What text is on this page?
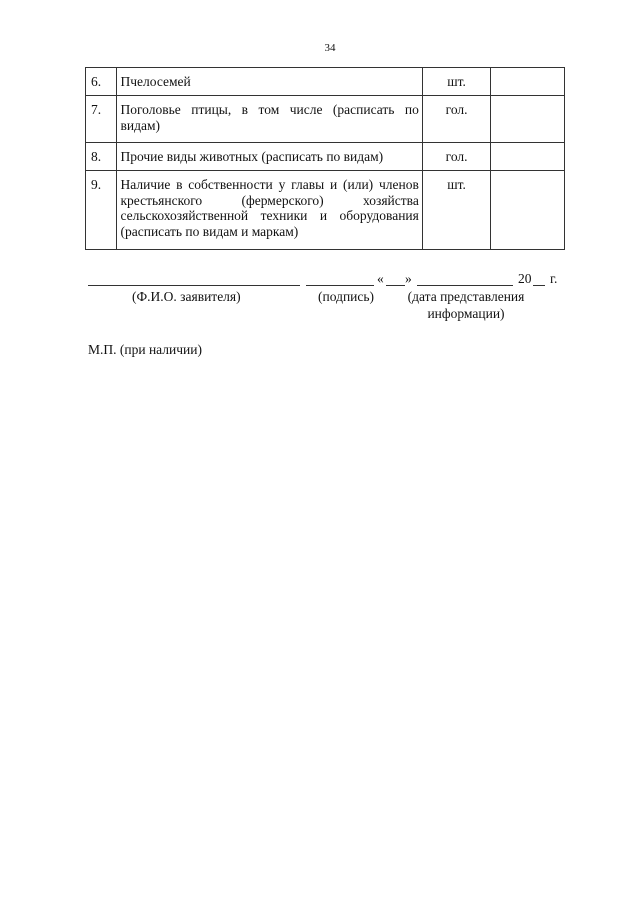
34
6.	Пчелосемей	шт.	
7.	Поголовье птицы, в том числе (расписать по видам)	гол.	
8.	Прочие виды животных (расписать по видам)	гол.	
9.	Наличие в собственности у главы и (или) членов крестьянского (фермерского) хозяйства сельскохозяйственной техники и оборудования (расписать по видам и маркам)	шт.	
« »	20 г.
(Ф.И.О. заявителя)	(подпись)	(дата представления информации)
М.П. (при наличии)
